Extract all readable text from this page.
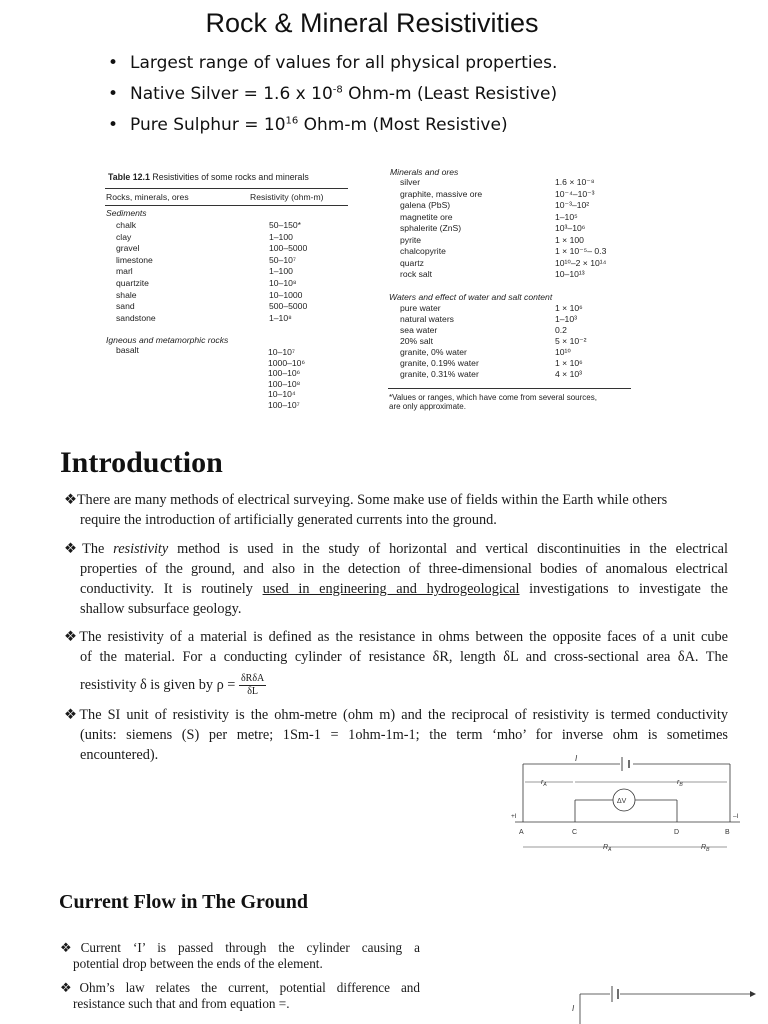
Rock & Mineral Resistivities
• Largest range of values for all physical properties.
• Native Silver = 1.6 x $10^{-8}$ Ohm-m (Least Resistive)
• Pure Sulphur = $10^{16}$ Ohm-m (Most Resistive)
Table 12.1 Resistivities of some rocks and minerals
Rocks, minerals, ores	Resistivity (ohm-m)
Sediments
chalk	50–150*
clay	1–100
gravel	100–5000
limestone	50–10⁷
marl	1–100
quartzite	10–10⁸
shale	10–1000
sand	500–5000
sandstone	1–10⁸
Igneous and metamorphic rocks
basalt	10–10⁷
1000–10⁶
100–10⁶
100–10⁸
10–10⁴
100–10⁷
Minerals and ores
silver	1.6 × 10⁻⁸
graphite, massive ore	10⁻⁴–10⁻³
galena (PbS)	10⁻³–10²
magnetite ore	1–10⁵
sphalerite (ZnS)	10³–10⁶
pyrite	1 × 100
chalcopyrite	1 × 10⁻⁵– 0.3
quartz	10¹⁰–2 × 10¹⁴
rock salt	10–10¹³
Waters and effect of water and salt content
pure water	1 × 10⁶
natural waters	1–10³
sea water	0.2
20% salt	5 × 10⁻²
granite, 0% water	10¹⁰
granite, 0.19% water	1 × 10⁶
granite, 0.31% water	4 × 10³
*Values or ranges, which have come from several sources,
are only approximate.
Introduction
❖There are many methods of electrical surveying. Some make use of fields within the Earth while others
require the introduction of artificially generated currents into the ground.
❖The resistivity method is used in the study of horizontal and vertical discontinuities in the electrical
properties of the ground, and also in the detection of three-dimensional bodies of anomalous electrical
conductivity. It is routinely used in engineering and hydrogeological investigations to investigate the
shallow subsurface geology.
❖The resistivity of a material is defined as the resistance in ohms between the opposite faces of a unit cube
of the material. For a conducting cylinder of resistance δR, length δL and cross-sectional area δA. The
resistivity δ is given by ρ = δRδA
δL
❖The SI unit of resistivity is the ohm-metre (ohm m) and the reciprocal of resistivity is termed conductivity
(units: siemens (S) per metre; 1Sm-1 = 1ohm-1m-1; the term ‘mho’ for inverse ohm is sometimes
encountered).	I
$r_A$	$r_B$
ΔV
+I	–I
A	C	D	B
$R_A$	$R_B$
Current Flow in The Ground
❖Current ‘I’ is passed through the cylinder causing a
potential drop between the ends of the element.
❖Ohm’s law relates the current, potential difference and
resistance such that and from equation =.	I
